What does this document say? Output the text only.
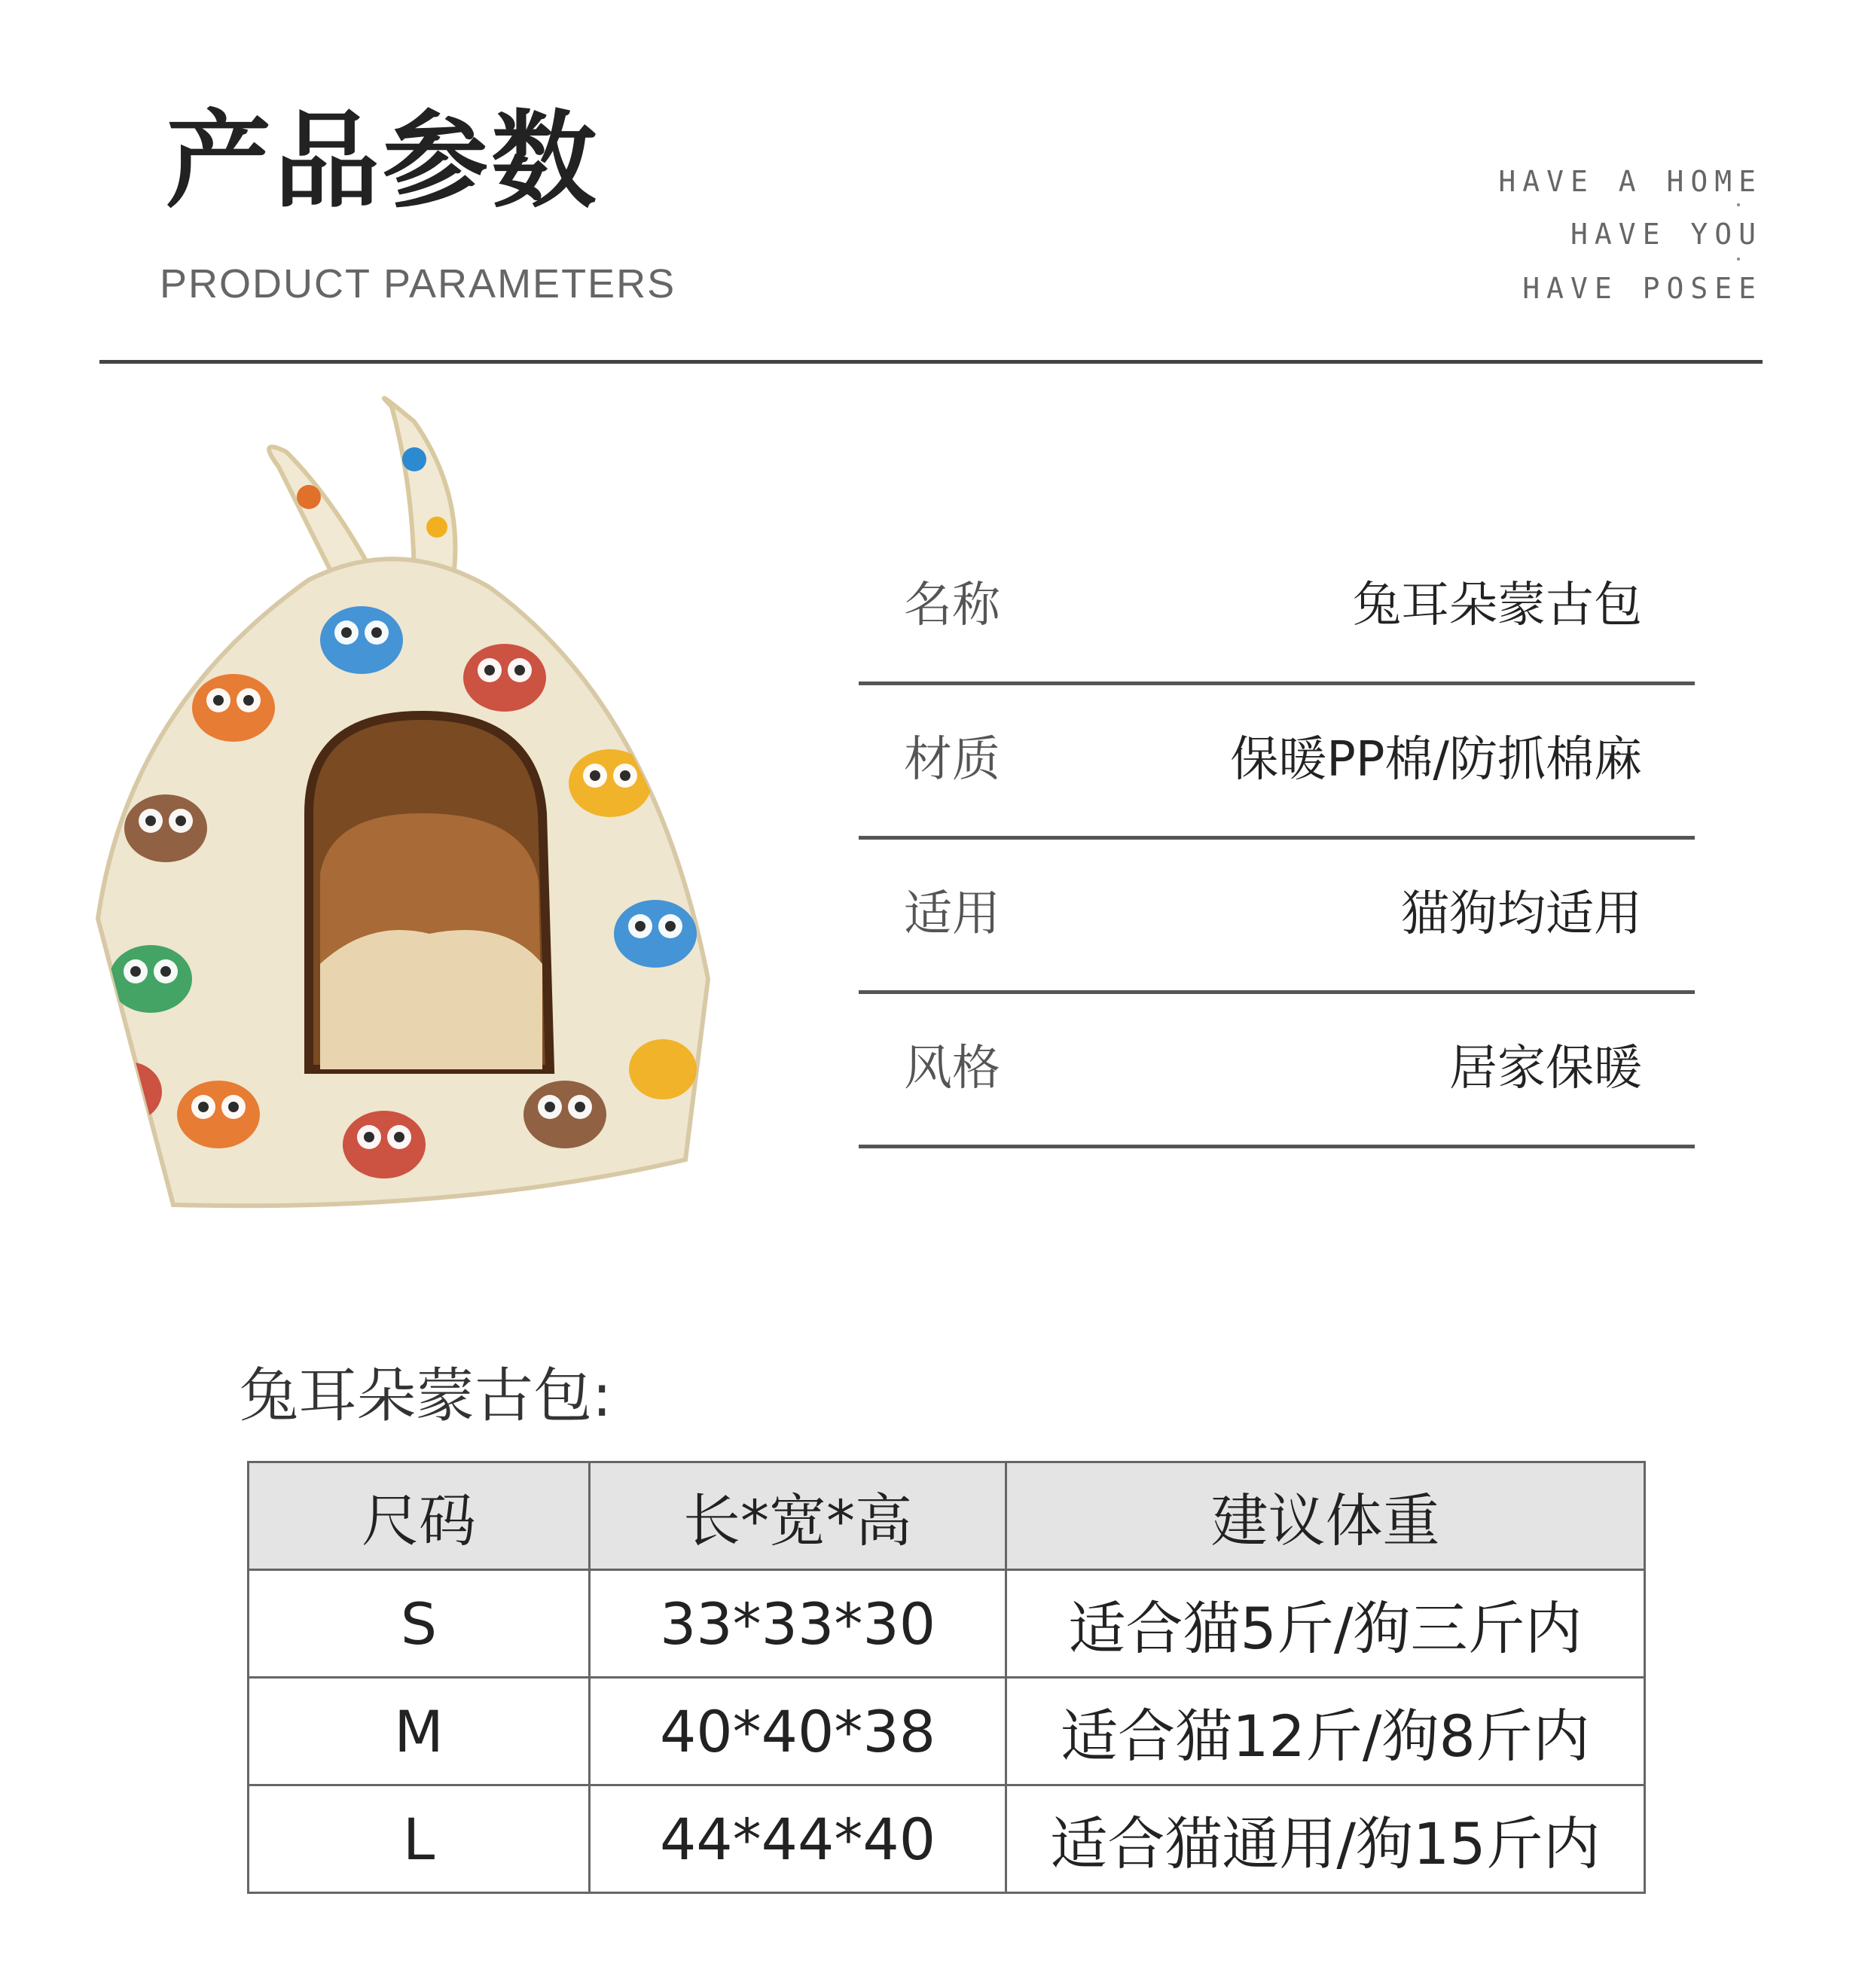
产品参数
PRODUCT PARAMETERS
HAVE A HOME
HAVE YOU
HAVE POSEE
名称	兔耳朵蒙古包
材质	保暖PP棉/防抓棉麻
适用	猫狗均适用
风格	居家保暖
兔耳朵蒙古包:
尺码	长*宽*高	建议体重
S	33*33*30	适合猫5斤/狗三斤内
M	40*40*38	适合猫12斤/狗8斤内
L	44*44*40	适合猫通用/狗15斤内
